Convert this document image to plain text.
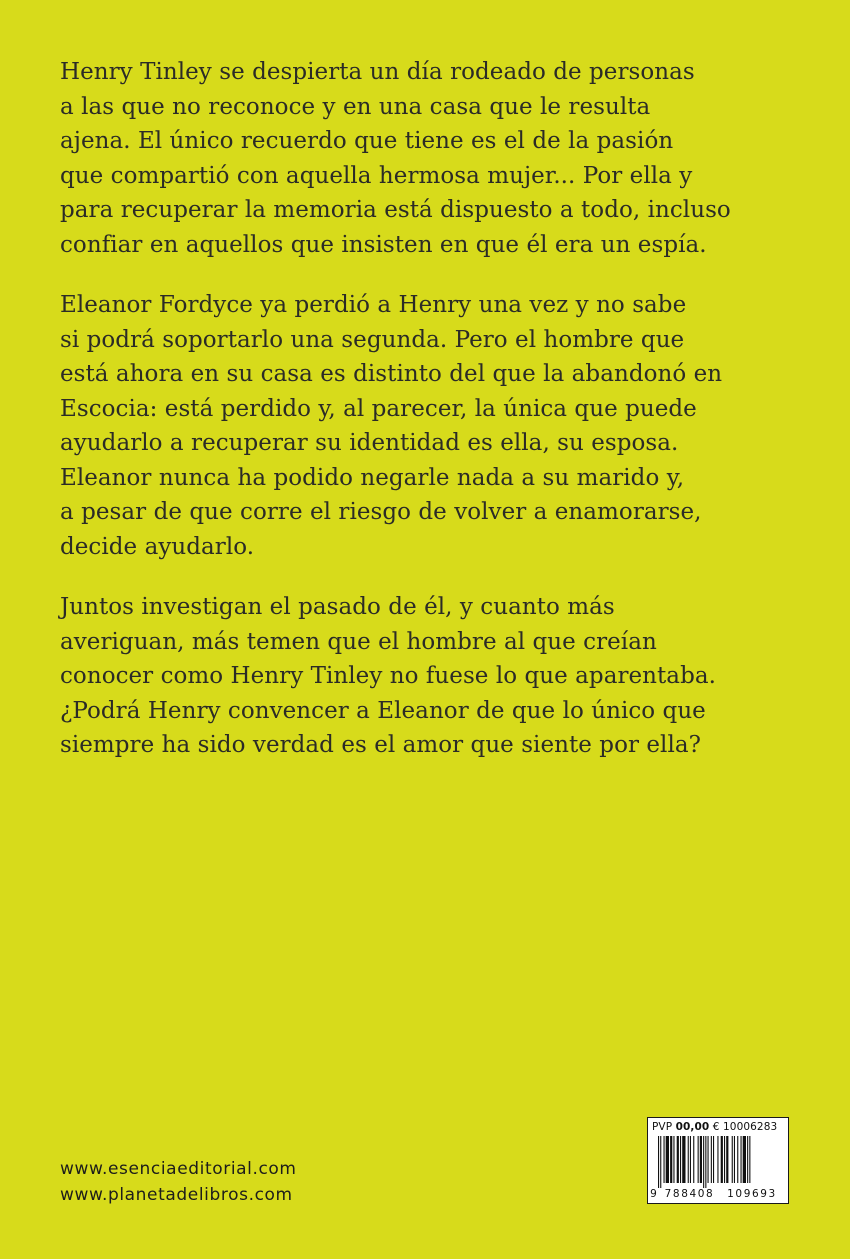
Henry Tinley se despierta un día rodeado de personas
a las que no reconoce y en una casa que le resulta
ajena. El único recuerdo que tiene es el de la pasión
que compartió con aquella hermosa mujer... Por ella y
para recuperar la memoria está dispuesto a todo, incluso
confiar en aquellos que insisten en que él era un espía.

Eleanor Fordyce ya perdió a Henry una vez y no sabe
si podrá soportarlo una segunda. Pero el hombre que
está ahora en su casa es distinto del que la abandonó en
Escocia: está perdido y, al parecer, la única que puede
ayudarlo a recuperar su identidad es ella, su esposa.
Eleanor nunca ha podido negarle nada a su marido y,
a pesar de que corre el riesgo de volver a enamorarse,
decide ayudarlo.

Juntos investigan el pasado de él, y cuanto más
averiguan, más temen que el hombre al que creían
conocer como Henry Tinley no fuese lo que aparentaba.
¿Podrá Henry convencer a Eleanor de que lo único que
siempre ha sido verdad es el amor que siente por ella?

www.esenciaeditorial.com
www.planetadelibros.com
PVP 00,00 € 10006283
9 788408	109693
